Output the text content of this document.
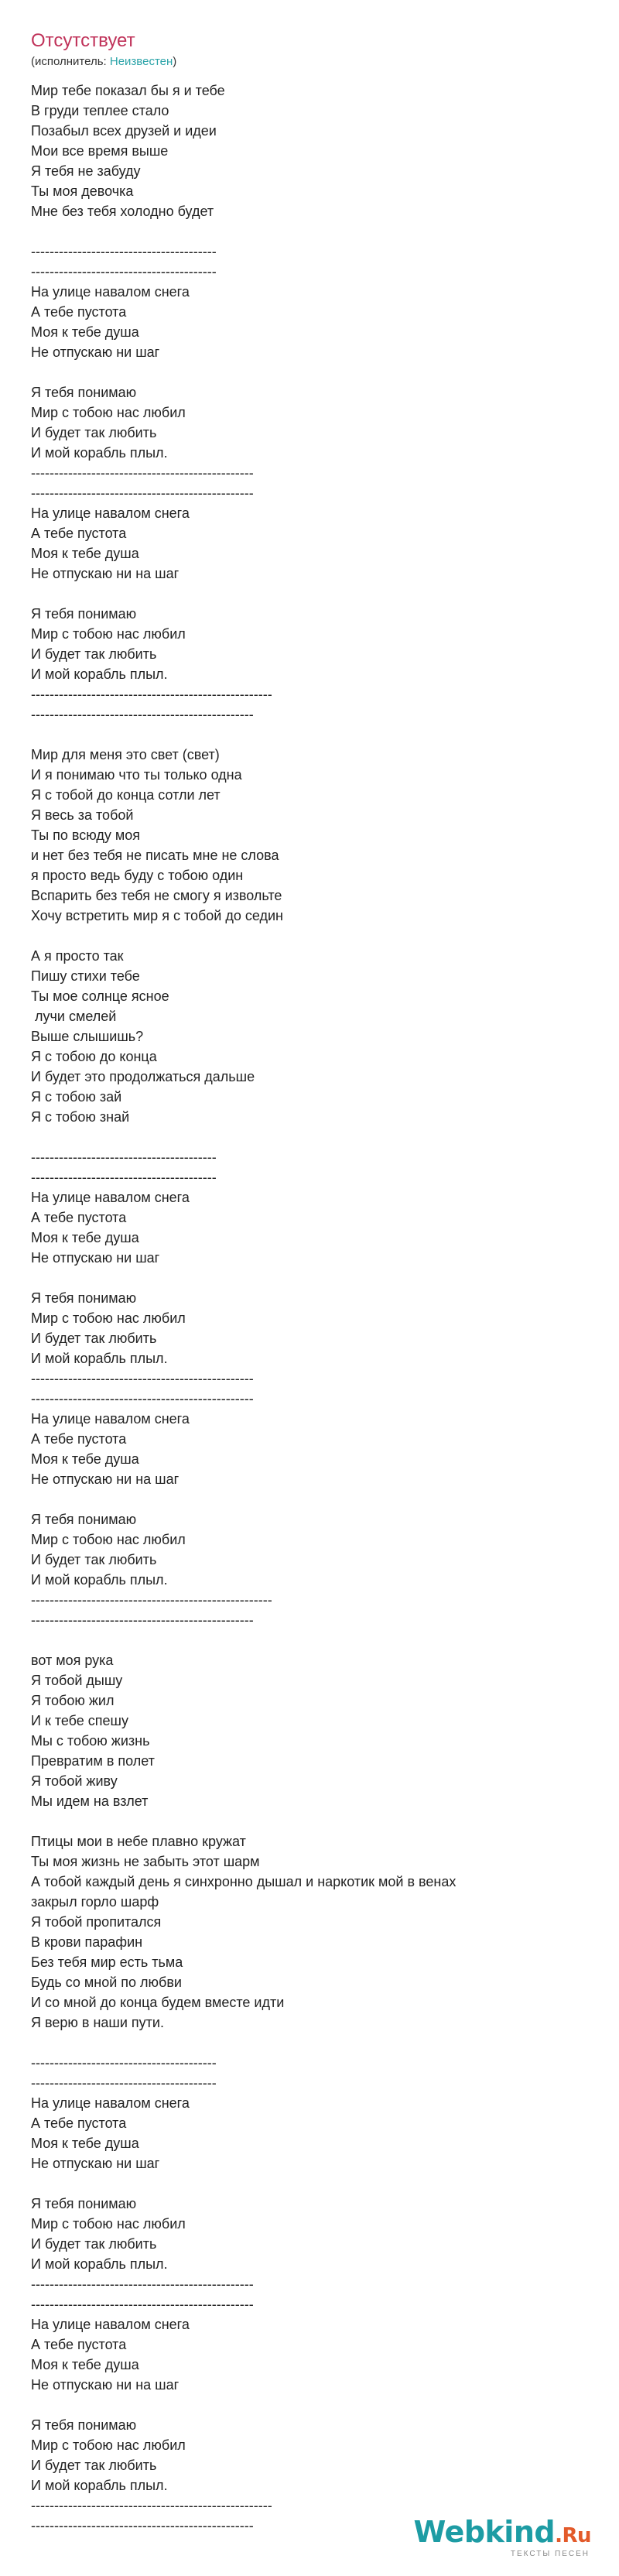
Отсутствует
(исполнитель: Неизвестен)
Мир тебе показал бы я и тебе
В груди теплее стало
Позабыл всех друзей и идеи
Мои все время выше
Я тебя не забуду
Ты моя девочка
Мне без тебя холодно будет
----------------------------------------
----------------------------------------
На улице навалом снега
А тебе пустота
Моя к тебе душа
Не отпускаю ни шаг
Я тебя понимаю
Мир с тобою нас любил
И будет так любить
И мой корабль плыл.
------------------------------------------------
------------------------------------------------
На улице навалом снега
А тебе пустота
Моя к тебе душа
Не отпускаю ни на шаг
Я тебя понимаю
Мир с тобою нас любил
И будет так любить
И мой корабль плыл.
----------------------------------------------------
------------------------------------------------
Мир для меня это свет (свет)
И я понимаю что ты только одна
Я с тобой до конца сотли лет
Я весь за тобой
Ты по всюду моя
и нет без тебя не писать мне не слова
я просто ведь буду с тобою один
Вспарить без тебя не смогу я извольте
Хочу встретить мир я с тобой до седин
А я просто так
Пишу стихи тебе
Ты мое солнце ясное
лучи смелей
Выше слышишь?
Я с тобою до конца
И будет это продолжаться дальше
Я с тобою зай
Я с тобою знай
----------------------------------------
----------------------------------------
На улице навалом снега
А тебе пустота
Моя к тебе душа
Не отпускаю ни шаг
Я тебя понимаю
Мир с тобою нас любил
И будет так любить
И мой корабль плыл.
------------------------------------------------
------------------------------------------------
На улице навалом снега
А тебе пустота
Моя к тебе душа
Не отпускаю ни на шаг
Я тебя понимаю
Мир с тобою нас любил
И будет так любить
И мой корабль плыл.
----------------------------------------------------
------------------------------------------------
вот моя рука
Я тобой дышу
Я тобою жил
И к тебе спешу
Мы с тобою жизнь
Превратим в полет
Я тобой живу
Мы идем на взлет
Птицы мои в небе плавно кружат
Ты моя жизнь не забыть этот шарм
А тобой каждый день я синхронно дышал и наркотик мой в венах
закрыл горло шарф
Я тобой пропитался
В крови парафин
Без тебя мир есть тьма
Будь со мной по любви
И со мной до конца будем вместе идти
Я верю в наши пути.
----------------------------------------
----------------------------------------
На улице навалом снега
А тебе пустота
Моя к тебе душа
Не отпускаю ни шаг
Я тебя понимаю
Мир с тобою нас любил
И будет так любить
И мой корабль плыл.
------------------------------------------------
------------------------------------------------
На улице навалом снега
А тебе пустота
Моя к тебе душа
Не отпускаю ни на шаг
Я тебя понимаю
Мир с тобою нас любил
И будет так любить
И мой корабль плыл.
----------------------------------------------------
------------------------------------------------	Webkind.Ru
ТЕКСТЫ ПЕСЕН
